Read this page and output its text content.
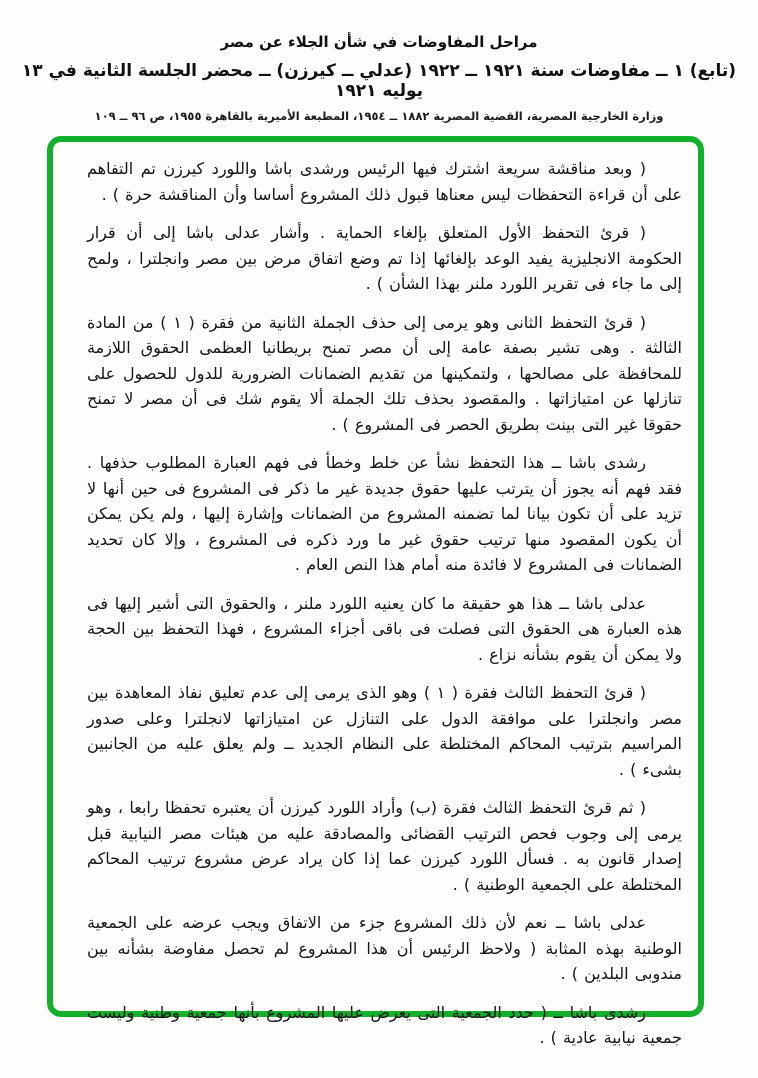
مراحل المفاوضات في شأن الجلاء عن مصر
(تابع) ١ ــ مفاوضات سنة ١٩٢١ ــ ١٩٢٢ (عدلي ــ كيرزن) ــ محضر الجلسة الثانية في ١٣ يوليه ١٩٢١
وزارة الخارجية المصرية، القضية المصرية ١٨٨٢ ــ ١٩٥٤، المطبعة الأميرية بالقاهرة ١٩٥٥، ص ٩٦ ــ ١٠٩

( وبعد مناقشة سريعة اشترك فيها الرئيس ورشدى باشا واللورد كيرزن تم التفاهم على أن قراءة التحفظات ليس معناها قبول ذلك المشروع أساسا وأن المناقشة حرة ) .

( قرئ التحفظ الأول المتعلق بإلغاء الحماية . وأشار عدلى باشا إلى أن قرار الحكومة الانجليزية يفيد الوعد بإلغائها إذا تم وضع اتفاق مرض بين مصر وانجلترا ، ولمح إلى ما جاء فى تقرير اللورد ملنر بهذا الشأن ) .

( قرئ التحفظ الثانى وهو يرمى إلى حذف الجملة الثانية من فقرة ( ١ ) من المادة الثالثة . وهى تشير بصفة عامة إلى أن مصر تمنح بريطانيا العظمى الحقوق اللازمة للمحافظة على مصالحها ، ولتمكينها من تقديم الضمانات الضرورية للدول للحصول على تنازلها عن امتيازاتها . والمقصود بحذف تلك الجملة ألا يقوم شك فى أن مصر لا تمنح حقوقا غير التى بينت بطريق الحصر فى المشروع ) .

رشدى باشا ــ هذا التحفظ نشأ عن خلط وخطأ فى فهم العبارة المطلوب حذفها . فقد فهم أنه يجوز أن يترتب عليها حقوق جديدة غير ما ذكر فى المشروع فى حين أنها لا تزيد على أن تكون بيانا لما تضمنه المشروع من الضمانات وإشارة إليها ، ولم يكن يمكن أن يكون المقصود منها ترتيب حقوق غير ما ورد ذكره فى المشروع ، وإلا كان تحديد الضمانات فى المشروع لا فائدة منه أمام هذا النص العام .

عدلى باشا ــ هذا هو حقيقة ما كان يعنيه اللورد ملنر ، والحقوق التى أشير إليها فى هذه العبارة هى الحقوق التى فصلت فى باقى أجزاء المشروع ، فهذا التحفظ بين الحجة ولا يمكن أن يقوم بشأنه نزاع .

( قرئ التحفظ الثالث فقرة ( ١ ) وهو الذى يرمى إلى عدم تعليق نفاذ المعاهدة بين مصر وانجلترا على موافقة الدول على التنازل عن امتيازاتها لانجلترا وعلى صدور المراسيم بترتيب المحاكم المختلطة على النظام الجديد ــ ولم يعلق عليه من الجانبين بشىء ) .

( ثم قرئ التحفظ الثالث فقرة (ب) وأراد اللورد كيرزن أن يعتبره تحفظا رابعا ، وهو يرمى إلى وجوب فحص الترتيب القضائى والمصادقة عليه من هيئات مصر النيابية قبل إصدار قانون به . فسأل اللورد كيرزن عما إذا كان يراد عرض مشروع ترتيب المحاكم المختلطة على الجمعية الوطنية ) .

عدلى باشا ــ نعم لأن ذلك المشروع جزء من الاتفاق ويجب عرضه على الجمعية الوطنية بهذه المثابة ( ولاحظ الرئيس أن هذا المشروع لم تحصل مفاوضة بشأنه بين مندوبى البلدين ) .

رشدى باشا ــ ( حدد الجمعية التى يعرض عليها المشروع بأنها جمعية وطنية وليست جمعية نيابية عادية ) .
